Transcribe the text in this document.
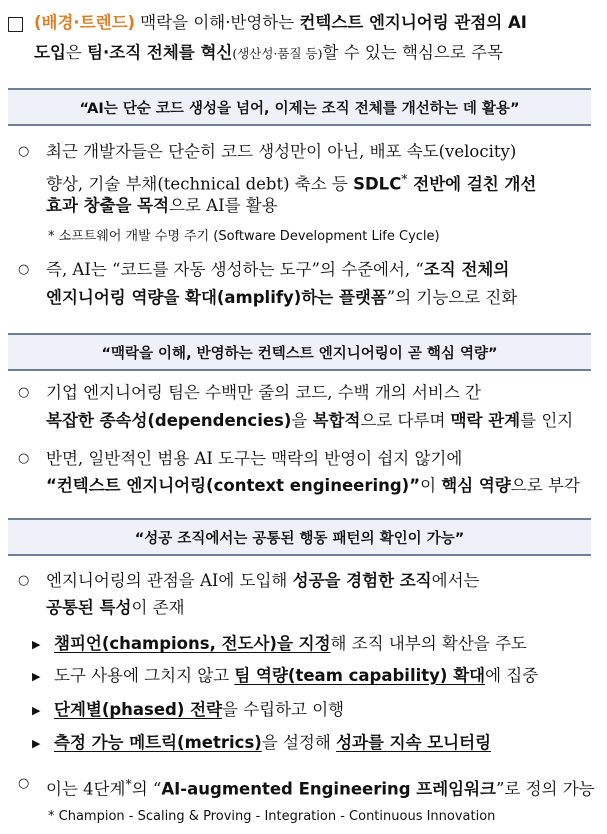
(배경·트렌드) 맥락을 이해·반영하는 컨텍스트 엔지니어링 관점의 AI
도입은 팀·조직 전체를 혁신(생산성·품질 등)할 수 있는 핵심으로 주목
“AI는 단순 코드 생성을 넘어, 이제는 조직 전체를 개선하는 데 활용”
○ 최근 개발자들은 단순히 코드 생성만이 아닌, 배포 속도(velocity)
향상, 기술 부채(technical debt) 축소 등 SDLC* 전반에 걸친 개선
효과 창출을 목적으로 AI를 활용
* 소프트웨어 개발 수명 주기 (Software Development Life Cycle)
○ 즉, AI는 “코드를 자동 생성하는 도구”의 수준에서, “조직 전체의
엔지니어링 역량을 확대(amplify)하는 플랫폼”의 기능으로 진화
“맥락을 이해, 반영하는 컨텍스트 엔지니어링이 곧 핵심 역량”
○ 기업 엔지니어링 팀은 수백만 줄의 코드, 수백 개의 서비스 간
복잡한 종속성(dependencies)을 복합적으로 다루며 맥락 관계를 인지
○ 반면, 일반적인 범용 AI 도구는 맥락의 반영이 쉽지 않기에
“컨텍스트 엔지니어링(context engineering)”이 핵심 역량으로 부각
“성공 조직에서는 공통된 행동 패턴의 확인이 가능”
○ 엔지니어링의 관점을 AI에 도입해 성공을 경험한 조직에서는
공통된 특성이 존재
▶ 챔피언(champions, 전도사)을 지정해 조직 내부의 확산을 주도
▶ 도구 사용에 그치지 않고 팀 역량(team capability) 확대에 집중
▶ 단계별(phased) 전략을 수립하고 이행
▶ 측정 가능 메트릭(metrics)을 설정해 성과를 지속 모니터링
○ 이는 4단계*의 “AI-augmented Engineering 프레임워크”로 정의 가능
* Champion - Scaling & Proving - Integration - Continuous Innovation
